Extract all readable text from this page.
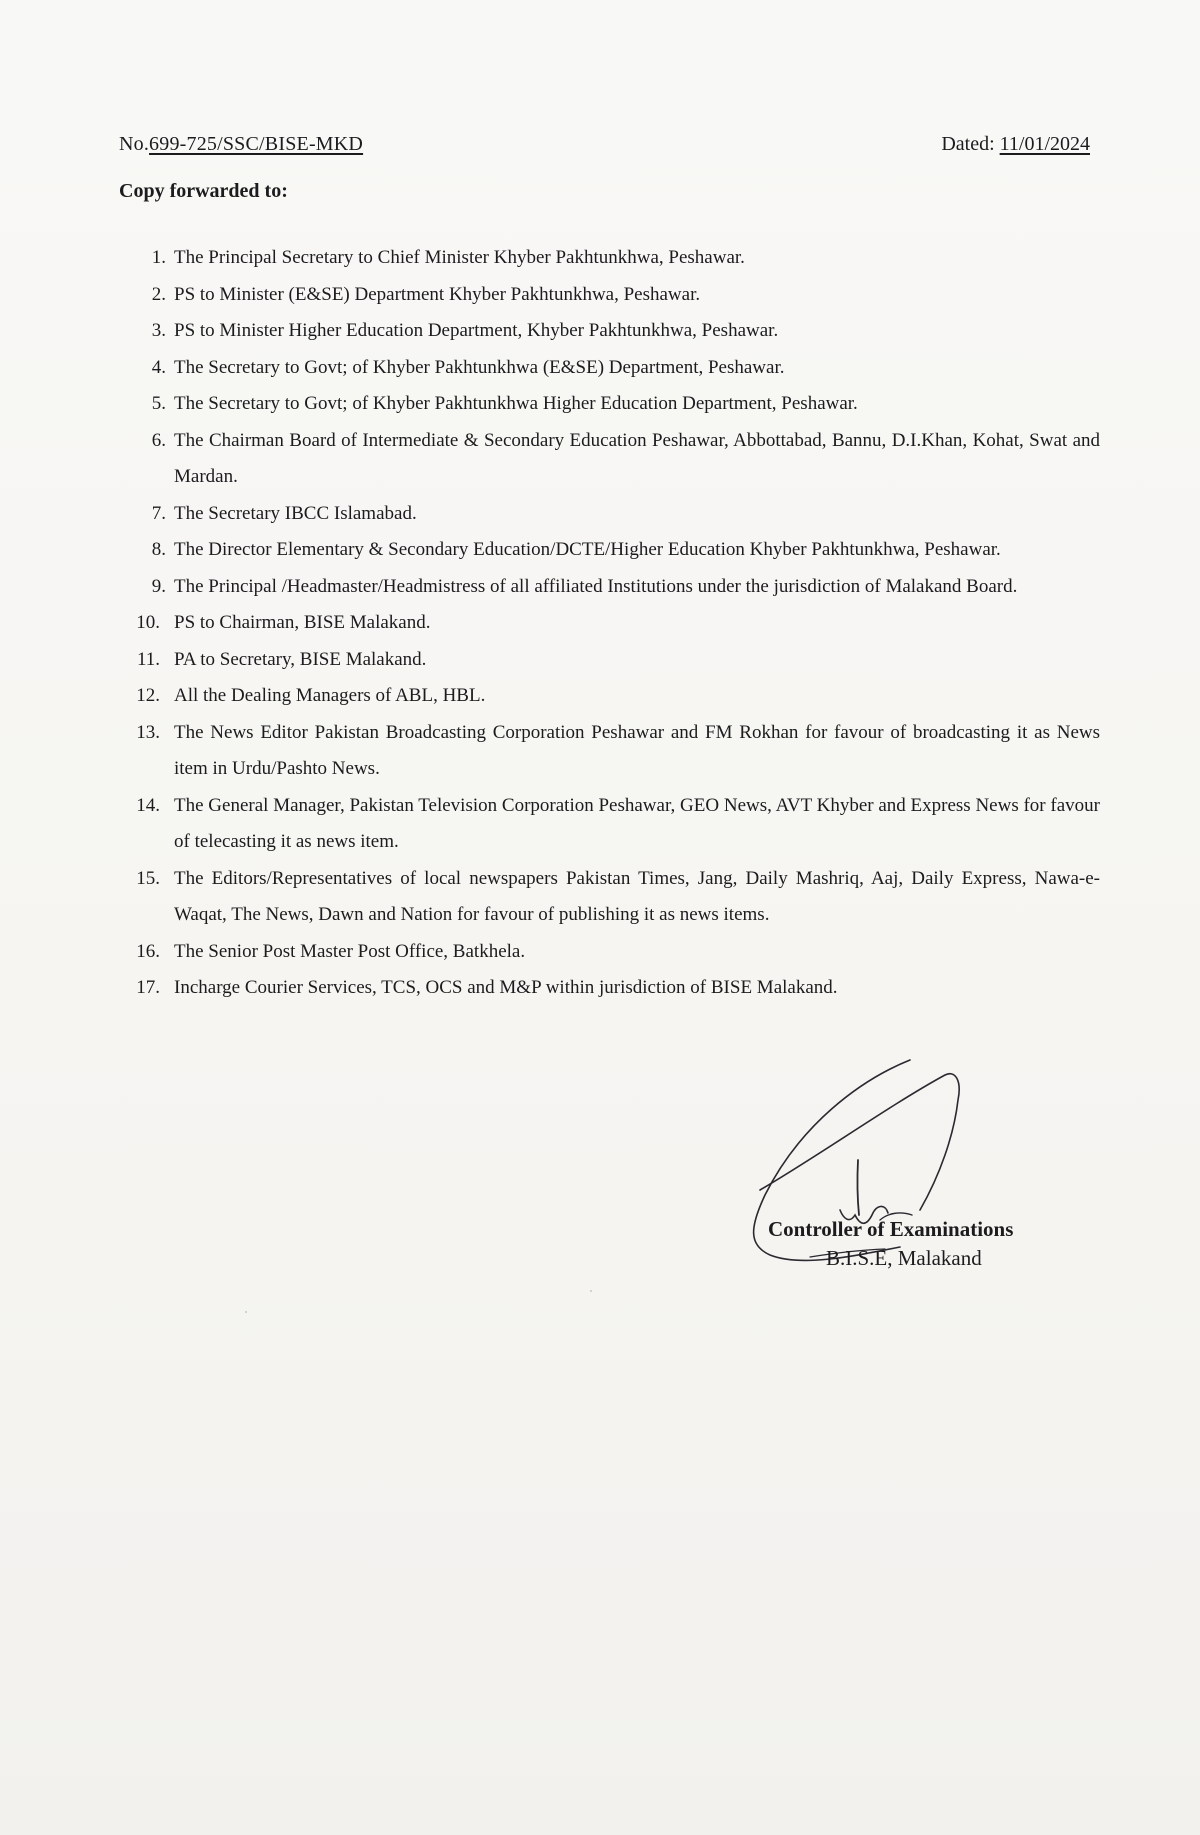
No.699-725/SSC/BISE-MKD	Dated: 11/01/2024
Copy forwarded to:
1. The Principal Secretary to Chief Minister Khyber Pakhtunkhwa, Peshawar.
2. PS to Minister (E&SE) Department Khyber Pakhtunkhwa, Peshawar.
3. PS to Minister Higher Education Department, Khyber Pakhtunkhwa, Peshawar.
4. The Secretary to Govt; of Khyber Pakhtunkhwa (E&SE) Department, Peshawar.
5. The Secretary to Govt; of Khyber Pakhtunkhwa Higher Education Department, Peshawar.
6. The Chairman Board of Intermediate & Secondary Education Peshawar, Abbottabad, Bannu, D.I.Khan, Kohat, Swat and Mardan.
7. The Secretary IBCC Islamabad.
8. The Director Elementary & Secondary Education/DCTE/Higher Education Khyber Pakhtunkhwa, Peshawar.
9. The Principal /Headmaster/Headmistress of all affiliated Institutions under the jurisdiction of Malakand Board.
10. PS to Chairman, BISE Malakand.
11. PA to Secretary, BISE Malakand.
12. All the Dealing Managers of ABL, HBL.
13. The News Editor Pakistan Broadcasting Corporation Peshawar and FM Rokhan for favour of broadcasting it as News item in Urdu/Pashto News.
14. The General Manager, Pakistan Television Corporation Peshawar, GEO News, AVT Khyber and Express News for favour of telecasting it as news item.
15. The Editors/Representatives of local newspapers Pakistan Times, Jang, Daily Mashriq, Aaj, Daily Express, Nawa-e-Waqat, The News, Dawn and Nation for favour of publishing it as news items.
16. The Senior Post Master Post Office, Batkhela.
17. Incharge Courier Services, TCS, OCS and M&P within jurisdiction of BISE Malakand.
Controller of Examinations
B.I.S.E, Malakand
